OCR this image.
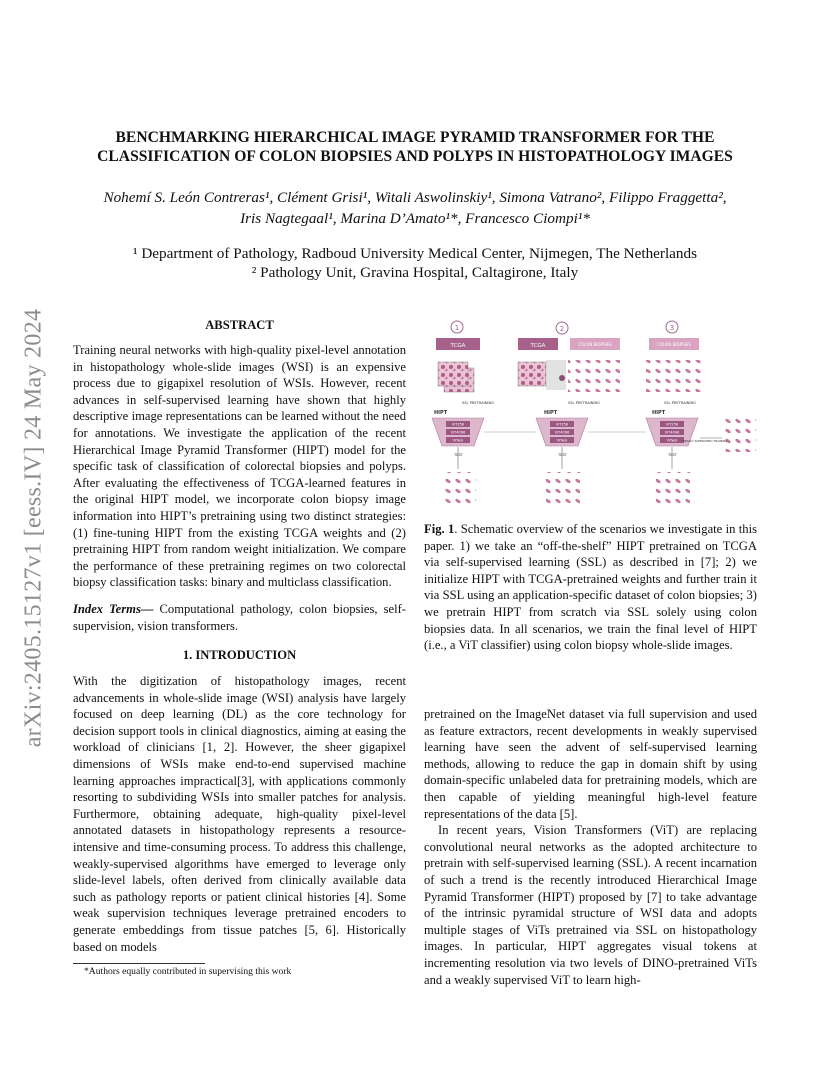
arXiv:2405.15127v1 [eess.IV] 24 May 2024
BENCHMARKING HIERARCHICAL IMAGE PYRAMID TRANSFORMER FOR THE
CLASSIFICATION OF COLON BIOPSIES AND POLYPS IN HISTOPATHOLOGY IMAGES
Nohemí S. León Contreras¹, Clément Grisi¹, Witali Aswolinskiy¹, Simona Vatrano², Filippo Fraggetta²,
Iris Nagtegaal¹, Marina D’Amato¹*, Francesco Ciompi¹*
¹ Department of Pathology, Radboud University Medical Center, Nijmegen, The Netherlands
² Pathology Unit, Gravina Hospital, Caltagirone, Italy
ABSTRACT

Training neural networks with high-quality pixel-level annotation in histopathology whole-slide images (WSI) is an expensive process due to gigapixel resolution of WSIs. However, recent advances in self-supervised learning have shown that highly descriptive image representations can be learned without the need for annotations. We investigate the application of the recent Hierarchical Image Pyramid Transformer (HIPT) model for the specific task of classification of colorectal biopsies and polyps. After evaluating the effectiveness of TCGA-learned features in the original HIPT model, we incorporate colon biopsy image information into HIPT’s pretraining using two distinct strategies: (1) fine-tuning HIPT from the existing TCGA weights and (2) pretraining HIPT from random weight initialization. We compare the performance of these pretraining regimes on two colorectal biopsy classification tasks: binary and multiclass classification.

Index Terms— Computational pathology, colon biopsies, self-supervision, vision transformers.

1. INTRODUCTION

With the digitization of histopathology images, recent advancements in whole-slide image (WSI) analysis have largely focused on deep learning (DL) as the core technology for decision support tools in clinical diagnostics, aiming at easing the workload of clinicians [1, 2]. However, the sheer gigapixel dimensions of WSIs make end-to-end supervised machine learning approaches impractical[3], with applications commonly resorting to subdividing WSIs into smaller patches for analysis. Furthermore, obtaining adequate, high-quality pixel-level annotated datasets in histopathology represents a resource-intensive and time-consuming process. To address this challenge, weakly-supervised algorithms have emerged to leverage only slide-level labels, often derived from clinically available data such as pathology reports or patient clinical histories [4]. Some weak supervision techniques leverage pretrained encoders to generate embeddings from tissue patches [5, 6]. Historically based on models

*Authors equally contributed in supervising this work
1
TCGA
SSL PRETRAINING
HIPT
ViT256
ViT4096
ViTwsi
TEST
2
TCGA	COLON BIOPSIES
SSL PRETRAINING
HIPT
ViT256
ViT4096
ViTwsi
TEST
3
COLON BIOPSIES
SSL PRETRAINING
HIPT
ViT256
ViT4096
ViTwsi
TEST
WEAKLY SUPERVISED TRAINING

Fig. 1. Schematic overview of the scenarios we investigate in this paper. 1) we take an “off-the-shelf” HIPT pretrained on TCGA via self-supervised learning (SSL) as described in [7]; 2) we initialize HIPT with TCGA-pretrained weights and further train it via SSL using an application-specific dataset of colon biopsies; 3) we pretrain HIPT from scratch via SSL solely using colon biopsies data. In all scenarios, we train the final level of HIPT (i.e., a ViT classifier) using colon biopsy whole-slide images.

pretrained on the ImageNet dataset via full supervision and used as feature extractors, recent developments in weakly supervised learning have seen the advent of self-supervised learning methods, allowing to reduce the gap in domain shift by using domain-specific unlabeled data for pretraining models, which are then capable of yielding meaningful high-level feature representations of the data [5].

In recent years, Vision Transformers (ViT) are replacing convolutional neural networks as the adopted architecture to pretrain with self-supervised learning (SSL). A recent incarnation of such a trend is the recently introduced Hierarchical Image Pyramid Transformer (HIPT) proposed by [7] to take advantage of the intrinsic pyramidal structure of WSI data and adopts multiple stages of ViTs pretrained via SSL on histopathology images. In particular, HIPT aggregates visual tokens at incrementing resolution via two levels of DINO-pretrained ViTs and a weakly supervised ViT to learn high-
